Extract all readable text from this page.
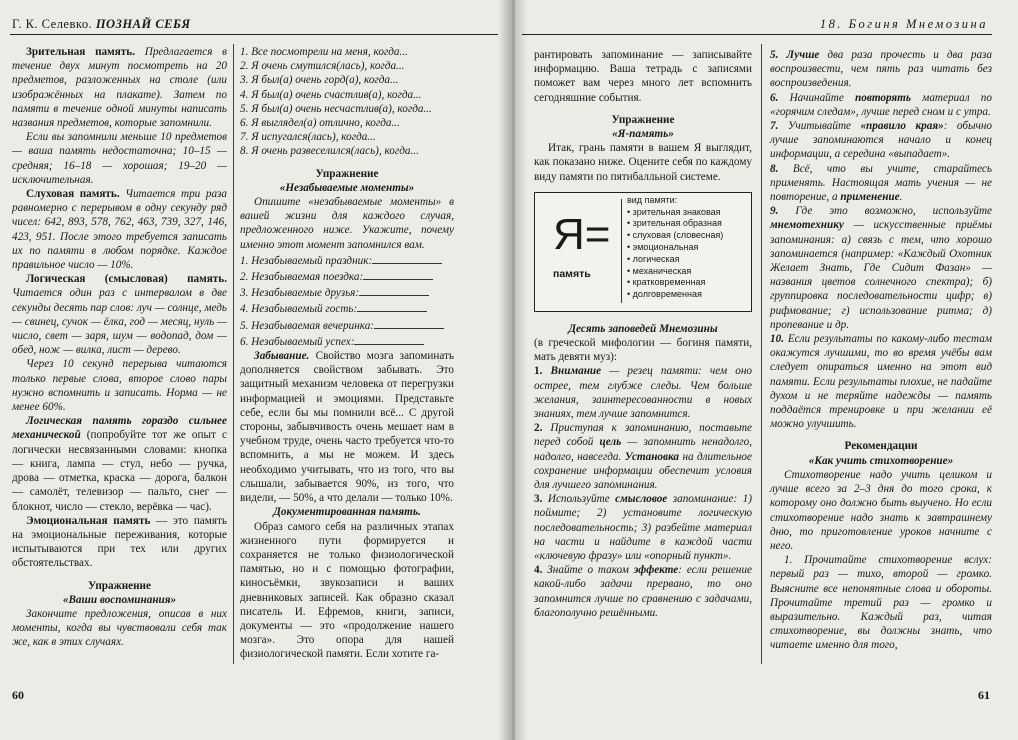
Г. К. Селевко. ПОЗНАЙ СЕБЯ

Зрительная память. Предлагается в течение двух минут посмотреть на 20 предметов, разложенных на столе (или изображённых на плакате). Затем по памяти в течение одной минуты написать названия предметов, которые запомнили.

Если вы запомнили меньше 10 предметов — ваша память недостаточна; 10–15 — средняя; 16–18 — хорошая; 19–20 — исключительная.

Слуховая память. Читается три раза равномерно с перерывом в одну секунду ряд чисел: 642, 893, 578, 762, 463, 739, 327, 146, 423, 951. После этого требуется записать их по памяти в любом порядке. Каждое правильное число — 10%.

Логическая (смысловая) память. Читается один раз с интервалом в две секунды десять пар слов: луч — солнце, медь — свинец, сучок — ёлка, год — месяц, нуль — число, свет — заря, шум — водопад, дом — обед, нож — вилка, лист — дерево.

Через 10 секунд перерыва читаются только первые слова, второе слово пары нужно вспомнить и записать. Норма — не менее 60%.

Логическая память гораздо сильнее механической (попробуйте тот же опыт с логически несвязанными словами: кнопка — книга, лампа — стул, небо — ручка, дрова — отметка, краска — дорога, балкон — самолёт, телевизор — пальто, снег — блокнот, число — стекло, верёвка — час).

Эмоциональная память — это память на эмоциональные переживания, которые испытываются при тех или других обстоятельствах.

Упражнение

«Ваши воспоминания»

Закончите предложения, описав в них моменты, когда вы чувствовали себя так же, как в этих случаях.

1. Все посмотрели на меня, когда...

2. Я очень смутился(лась), когда...

3. Я был(а) очень горд(а), когда...

4. Я был(а) очень счастлив(а), когда...

5. Я был(а) очень несчастлив(а), когда...

6. Я выглядел(а) отлично, когда...

7. Я испугался(лась), когда...

8. Я очень развеселился(лась), когда...

Упражнение

«Незабываемые моменты»

Опишите «незабываемые моменты» в вашей жизни для каждого случая, предложенного ниже. Укажите, почему именно этот момент запомнился вам.

1. Незабываемый праздник:

2. Незабываемая поездка:

3. Незабываемые друзья:

4. Незабываемый гость:

5. Незабываемая вечеринка:

6. Незабываемый успех:

Забывание. Свойство мозга запоминать дополняется свойством забывать. Это защитный механизм человека от перегрузки информацией и эмоциями. Представьте себе, если бы мы помнили всё... С другой стороны, забывчивость очень мешает нам в учебном труде, очень часто требуется что-то вспомнить, а мы не можем. И здесь необходимо учитывать, что из того, что вы слышали, забывается 90%, из того, что видели, — 50%, а что делали — только 10%.

Документированная память.

Образ самого себя на различных этапах жизненного пути формируется и сохраняется не только физиологической памятью, но и с помощью фотографии, киносъёмки, звукозаписи и ваших дневниковых записей. Как образно сказал писатель И. Ефремов, книги, записи, документы — это «продолжение нашего мозга». Это опора для нашей физиологической памяти. Если хотите га-

60
18. Богиня Мнемозина

рантировать запоминание — записывайте информацию. Ваша тетрадь с записями поможет вам через много лет вспомнить сегодняшние события.

Упражнение

«Я-память»

Итак, грань памяти в вашем Я выглядит, как показано ниже. Оцените себя по каждому виду памяти по пятибалльной системе.

Я=
память
вид памяти:
• зрительная знаковая
• зрительная образная
• слуховая (словесная)
• эмоциональная
• логическая
• механическая
• кратковременная
• долговременная

Десять заповедей Мнемозины

(в греческой мифологии — богиня памяти, мать девяти муз):

1. Внимание — резец памяти: чем оно острее, тем глубже следы. Чем больше желания, заинтересованности в новых знаниях, тем лучше запомнится.

2. Приступая к запоминанию, поставьте перед собой цель — запомнить ненадолго, надолго, навсегда. Установка на длительное сохранение информации обеспечит условия для лучшего запоминания.

3. Используйте смысловое запоминание: 1) поймите; 2) установите логическую последовательность; 3) разбейте материал на части и найдите в каждой части «ключевую фразу» или «опорный пункт».

4. Знайте о таком эффекте: если решение какой-либо задачи прервано, то оно запомнится лучше по сравнению с задачами, благополучно решёнными.

5. Лучше два раза прочесть и два раза воспроизвести, чем пять раз читать без воспроизведения.

6. Начинайте повторять материал по «горячим следам», лучше перед сном и с утра.

7. Учитывайте «правило края»: обычно лучше запоминаются начало и конец информации, а середина «выпадает».

8. Всё, что вы учите, старайтесь применять. Настоящая мать учения — не повторение, а применение.

9. Где это возможно, используйте мнемотехнику — искусственные приёмы запоминания: а) связь с тем, что хорошо запоминается (например: «Каждый Охотник Желает Знать, Где Сидит Фазан» — названия цветов солнечного спектра); б) группировка последовательности цифр; в) рифмование; г) использование ритма; д) пропевание и др.

10. Если результаты по какому-либо тестам окажутся лучшими, то во время учёбы вам следует опираться именно на этот вид памяти. Если результаты плохие, не падайте духом и не теряйте надежды — память поддаётся тренировке и при желании её можно улучшить.

Рекомендации

«Как учить стихотворение»

Стихотворение надо учить целиком и лучше всего за 2–3 дня до того срока, к которому оно должно быть выучено. Но если стихотворение надо знать к завтрашнему дню, то приготовление уроков начните с него.

1. Прочитайте стихотворение вслух: первый раз — тихо, второй — громко. Выясните все непонятные слова и обороты. Прочитайте третий раз — громко и выразительно. Каждый раз, читая стихотворение, вы должны знать, что читаете именно для того,

61
